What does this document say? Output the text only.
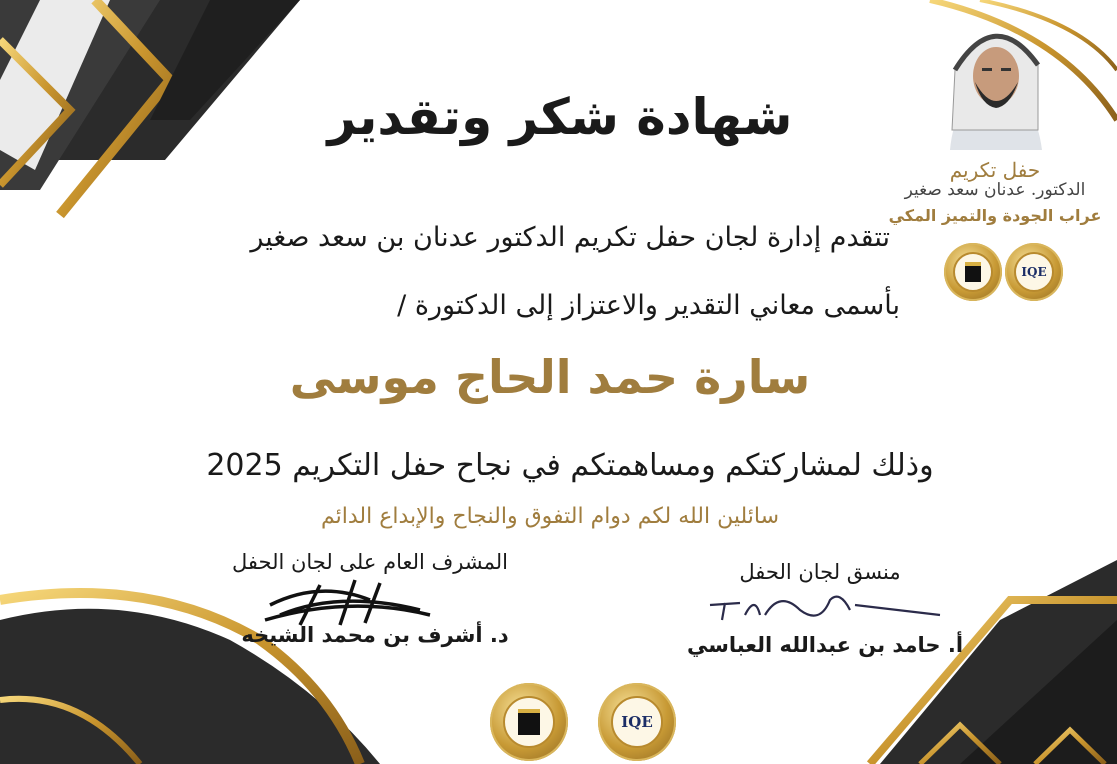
حفل تكريم
الدكتور. عدنان سعد صغير
عراب الجودة والتميز المكي
IQE
شهادة شكر وتقدير
تتقدم إدارة لجان حفل تكريم الدكتور عدنان بن سعد صغير
بأسمى معاني التقدير والاعتزاز إلى الدكتورة /
سارة حمد الحاج موسى
وذلك لمشاركتكم ومساهمتكم في نجاح حفل التكريم 2025
سائلين الله لكم دوام التفوق والنجاح والإبداع الدائم
منسق لجان الحفل
المشرف العام على لجان الحفل
أ. حامد بن عبدالله العباسي
د. أشرف بن محمد الشيخه
IQE
